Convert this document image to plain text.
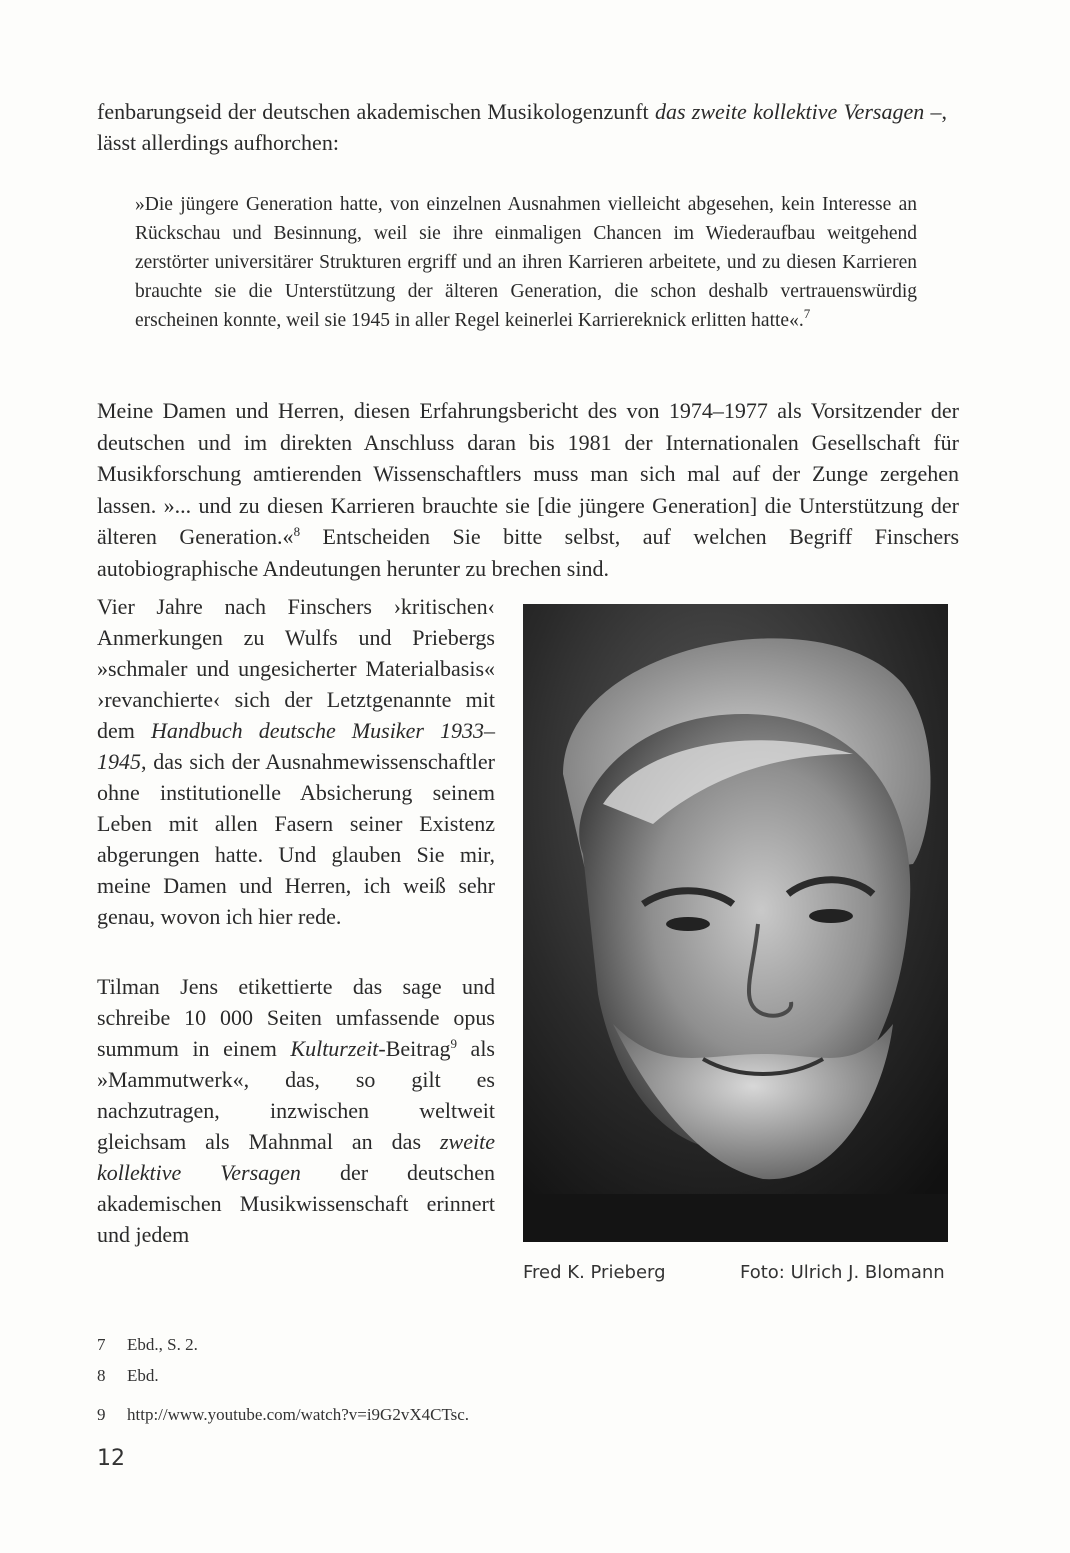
fenbarungseid der deutschen akademischen Musikologenzunft das zweite kollektive Versagen –, lässt allerdings aufhorchen:

»Die jüngere Generation hatte, von einzelnen Ausnahmen vielleicht abgesehen, kein Interesse an Rückschau und Besinnung, weil sie ihre einmaligen Chancen im Wiederaufbau weitgehend zerstörter universitärer Strukturen ergriff und an ihren Karrieren arbeitete, und zu diesen Karrieren brauchte sie die Unterstützung der älteren Generation, die schon deshalb vertrauenswürdig erscheinen konnte, weil sie 1945 in aller Regel keinerlei Karriereknick erlitten hatte«.$^7$

Meine Damen und Herren, diesen Erfahrungsbericht des von 1974–1977 als Vorsitzender der deutschen und im direkten Anschluss daran bis 1981 der Internationalen Gesellschaft für Musikforschung amtierenden Wissenschaftlers muss man sich mal auf der Zunge zergehen lassen. »... und zu diesen Karrieren brauchte sie [die jüngere Generation] die Unterstützung der älteren Generation.«$^8$ Entscheiden Sie bitte selbst, auf welchen Begriff Finschers autobiographische Andeutungen herunter zu brechen sind.

Vier Jahre nach Finschers ›kritischen‹ Anmerkungen zu Wulfs und Priebergs »schmaler und ungesicherter Materialbasis« ›revanchierte‹ sich der Letztgenannte mit dem Handbuch deutsche Musiker 1933–1945, das sich der Ausnahmewissenschaftler ohne institutionelle Absicherung seinem Leben mit allen Fasern seiner Existenz abgerungen hatte. Und glauben Sie mir, meine Damen und Herren, ich weiß sehr genau, wovon ich hier rede.

Tilman Jens etikettierte das sage und schreibe 10 000 Seiten umfassende opus summum in einem Kulturzeit-Beitrag$^9$ als »Mammutwerk«, das, so gilt es nachzutragen, inzwischen weltweit gleichsam als Mahnmal an das zweite kollektive Versagen der deutschen akademischen Musikwissenschaft erinnert und jedem

Fred K. Prieberg	Foto: Ulrich J. Blomann

7 Ebd., S. 2.

8 Ebd.

9 http://www.youtube.com/watch?v=i9G2vX4CTsc.

12
